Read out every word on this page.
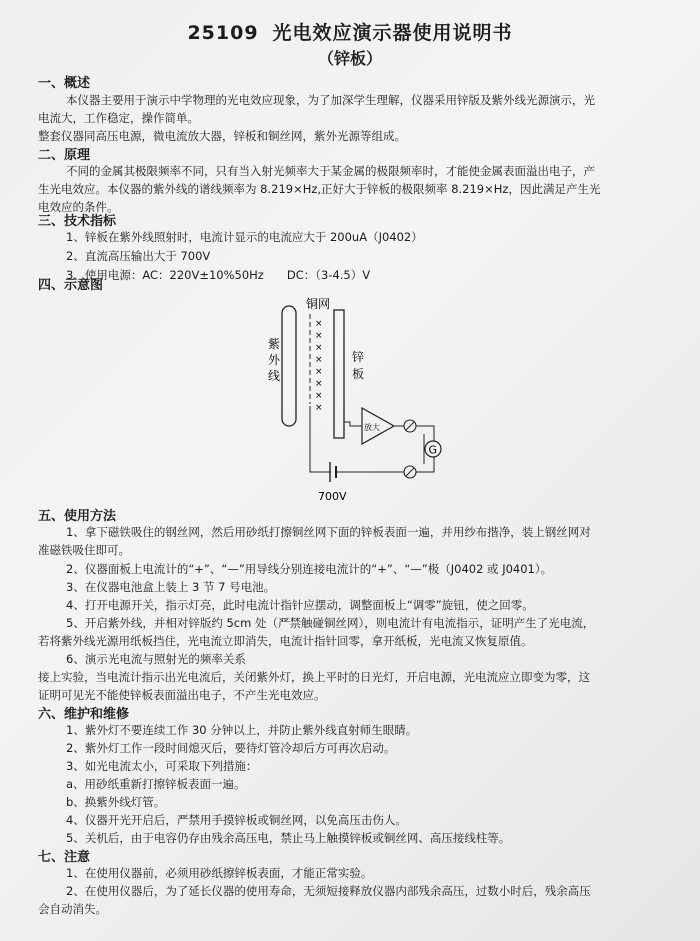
25109 光电效应演示器使用说明书
（锌板）
一、概述
本仪器主要用于演示中学物理的光电效应现象，为了加深学生理解，仪器采用锌版及紫外线光源演示，光
电流大，工作稳定，操作简单。
整套仪器同高压电源，微电流放大器，锌板和铜丝网，紫外光源等组成。
二、原理
不同的金属其极限频率不同，只有当入射光频率大于某金属的极限频率时，才能使金属表面溢出电子，产
生光电效应。本仪器的紫外线的谱线频率为 8.219×Hz,正好大于锌板的极限频率 8.219×Hz，因此满足产生光
电效应的条件。
三、技术指标
1、锌板在紫外线照射时，电流计显示的电流应大于 200uA（J0402）
2、直流高压输出大于 700V
3、使用电源：AC：220V±10%50Hz　　DC：（3-4.5）V
四、示意图
紫
外
线
铜网
×
×
×
×
×
×
×
×
锌
板
放大
G
700V
五、使用方法
1、拿下磁铁吸住的钢丝网，然后用砂纸打擦铜丝网下面的锌板表面一遍，并用纱布揩净，装上钢丝网对
准磁铁吸住即可。
2、仪器面板上电流计的“+”、“—”用导线分别连接电流计的“+”、“—”极（J0402 或 J0401）。
3、在仪器电池盒上装上 3 节 7 号电池。
4、打开电源开关，指示灯亮，此时电流计指针应摆动，调整面板上“调零”旋钮，使之回零。
5、开启紫外线，并相对锌版约 5cm 处（严禁触碰铜丝网），则电流计有电流指示，证明产生了光电流，
若将紫外线光源用纸板挡住，光电流立即消失，电流计指针回零，拿开纸板，光电流又恢复原值。
6、演示光电流与照射光的频率关系
接上实验，当电流计指示出光电流后，关闭紫外灯，换上平时的日光灯，开启电源，光电流应立即变为零，这
证明可见光不能使锌板表面溢出电子，不产生光电效应。
六、维护和维修
1、紫外灯不要连续工作 30 分钟以上，并防止紫外线直射师生眼睛。
2、紫外灯工作一段时间熄灭后，要待灯管冷却后方可再次启动。
3、如光电流太小，可采取下列措施：
a、用砂纸重新打擦锌板表面一遍。
b、换紫外线灯管。
4、仪器开光开启后，严禁用手摸锌板或铜丝网，以免高压击伤人。
5、关机后，由于电容仍存由残余高压电，禁止马上触摸锌板或铜丝网、高压接线柱等。
七、注意
1、在使用仪器前，必须用砂纸擦锌板表面，才能正常实验。
2、在使用仪器后，为了延长仪器的使用寿命，无须短接释放仪器内部残余高压，过数小时后，残余高压
会自动消失。
